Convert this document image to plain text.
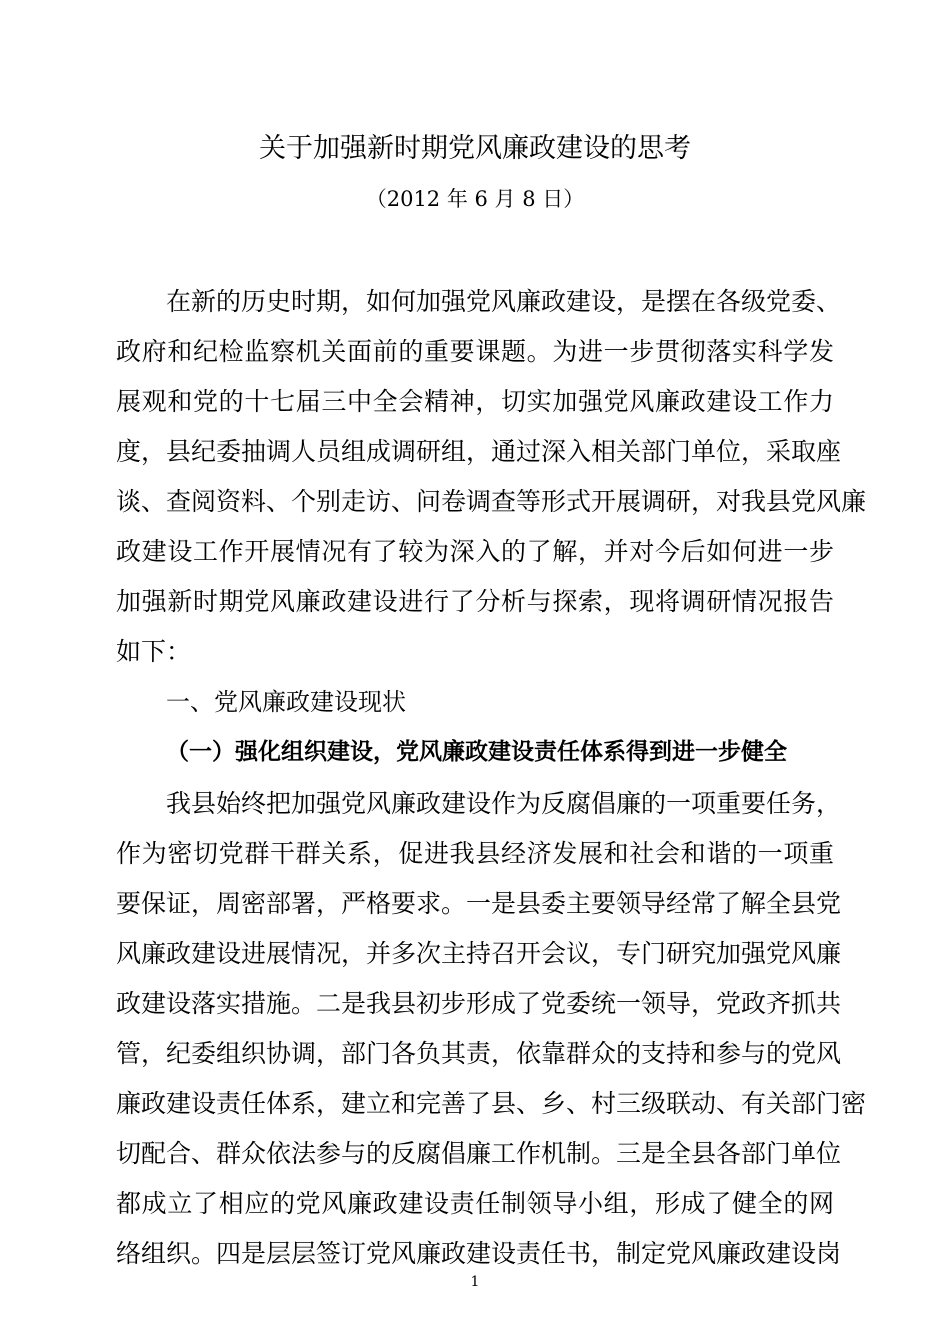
关于加强新时期党风廉政建设的思考
（2012 年 6 月 8 日）
在新的历史时期，如何加强党风廉政建设，是摆在各级党委、
政府和纪检监察机关面前的重要课题。为进一步贯彻落实科学发
展观和党的十七届三中全会精神，切实加强党风廉政建设工作力
度，县纪委抽调人员组成调研组，通过深入相关部门单位，采取座
谈、查阅资料、个别走访、问卷调查等形式开展调研，对我县党风廉
政建设工作开展情况有了较为深入的了解，并对今后如何进一步
加强新时期党风廉政建设进行了分析与探索，现将调研情况报告
如下：
一、党风廉政建设现状
（一）强化组织建设，党风廉政建设责任体系得到进一步健全
我县始终把加强党风廉政建设作为反腐倡廉的一项重要任务，
作为密切党群干群关系，促进我县经济发展和社会和谐的一项重
要保证，周密部署，严格要求。一是县委主要领导经常了解全县党
风廉政建设进展情况，并多次主持召开会议，专门研究加强党风廉
政建设落实措施。二是我县初步形成了党委统一领导，党政齐抓共
管，纪委组织协调，部门各负其责，依靠群众的支持和参与的党风
廉政建设责任体系，建立和完善了县、乡、村三级联动、有关部门密
切配合、群众依法参与的反腐倡廉工作机制。三是全县各部门单位
都成立了相应的党风廉政建设责任制领导小组，形成了健全的网
络组织。四是层层签订党风廉政建设责任书，制定党风廉政建设岗
1
